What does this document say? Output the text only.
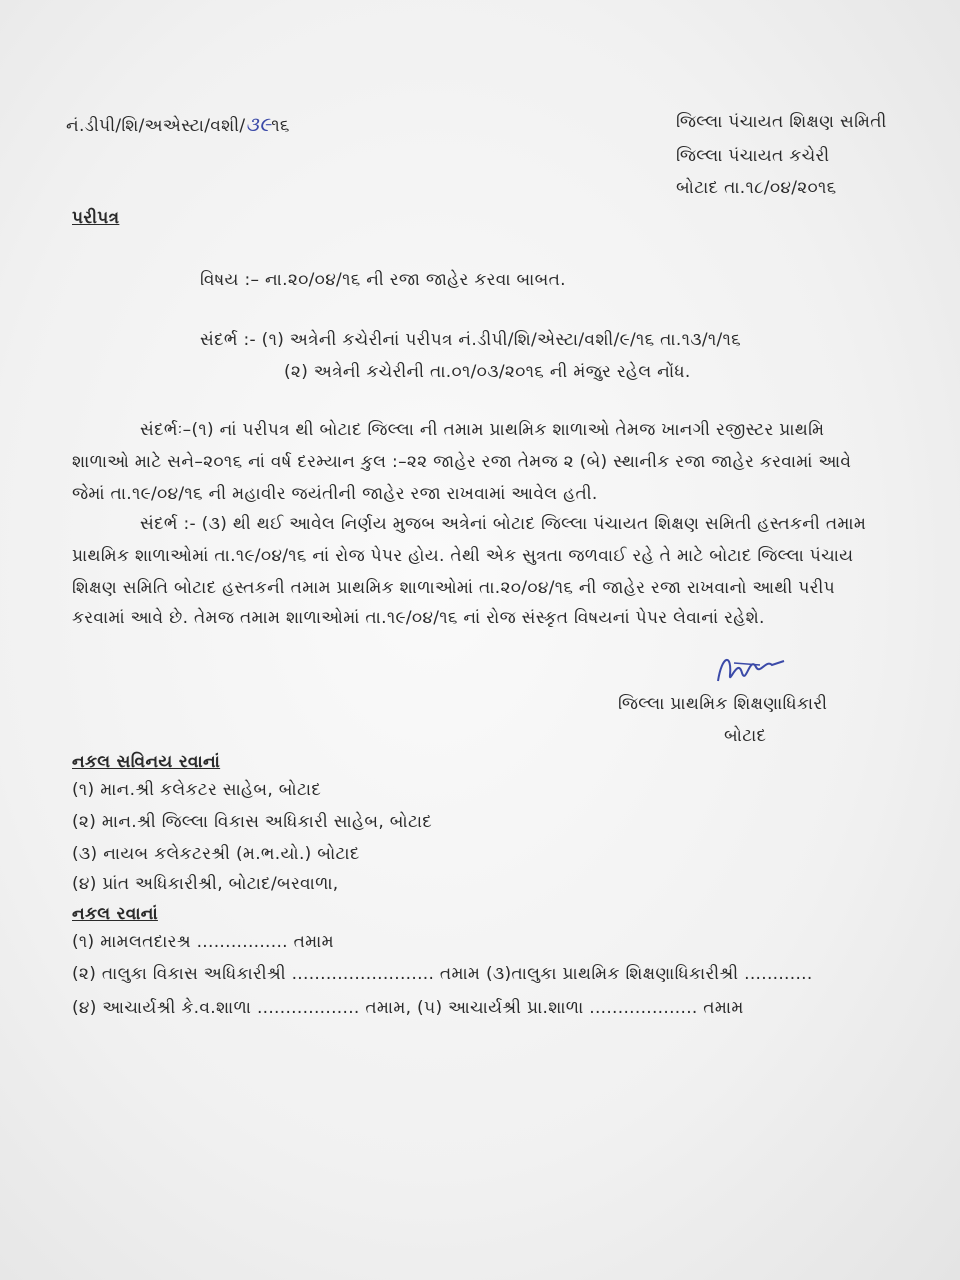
નં.ડીપી/શિ/અએસ્ટા/વશી/૩૯૧૬	જિલ્લા પંચાયત શિક્ષણ સમિતી
જિલ્લા પંચાયત કચેરી
બોટાદ તા.૧૮/૦૪/૨૦૧૬
પરીપત્ર
વિષય :– ના.૨૦/૦૪/૧૬ ની રજા જાહેર કરવા બાબત.
સંદર્ભ :- (૧) અત્રેની કચેરીનાં પરીપત્ર નં.ડીપી/શિ/એસ્ટા/વશી/૯/૧૬ તા.૧૩/૧/૧૬
(૨) અત્રેની કચેરીની તા.૦૧/૦૩/૨૦૧૬ ની મંજુર રહેલ નોંધ.
સંદર્ભઃ–(૧) નાં પરીપત્ર થી બોટાદ જિલ્લા ની તમામ પ્રાથમિક શાળાઓ તેમજ ખાનગી રજીસ્ટર પ્રાથમિ
શાળાઓ માટે સને–૨૦૧૬ નાં વર્ષ દરમ્યાન કુલ :–૨૨ જાહેર રજા તેમજ ૨ (બે) સ્થાનીક રજા જાહેર કરવામાં આવે
જેમાં તા.૧૯/૦૪/૧૬ ની મહાવીર જયંતીની જાહેર રજા રાખવામાં આવેલ હતી.
સંદર્ભ :- (૩) થી થઈ આવેલ નિર્ણય મુજબ અત્રેનાં બોટાદ જિલ્લા પંચાયત શિક્ષણ સમિતી હસ્તકની તમામ
પ્રાથમિક શાળાઓમાં તા.૧૯/૦૪/૧૬ નાં રોજ પેપર હોય. તેથી એક સુત્રતા જળવાઈ રહે તે માટે બોટાદ જિલ્લા પંચાય
શિક્ષણ સમિતિ બોટાદ હસ્તકની તમામ પ્રાથમિક શાળાઓમાં તા.૨૦/૦૪/૧૬ ની જાહેર રજા રાખવાનો આથી પરીપ
કરવામાં આવે છે. તેમજ તમામ શાળાઓમાં તા.૧૯/૦૪/૧૬ નાં રોજ સંસ્કૃત વિષયનાં પેપર લેવાનાં રહેશે.
જિલ્લા પ્રાથમિક શિક્ષણાધિકારી
બોટાદ
નકલ સવિનય રવાનાં
(૧) માન.શ્રી કલેકટર સાહેબ, બોટાદ
(૨) માન.શ્રી જિલ્લા વિકાસ અધિકારી સાહેબ, બોટાદ
(૩) નાયબ કલેકટરશ્રી (મ.ભ.યો.) બોટાદ
(૪) પ્રાંત અધિકારીશ્રી, બોટાદ/બરવાળા,
નકલ રવાનાં
(૧) મામલતદારશ્ર ................ તમામ
(૨) તાલુકા વિકાસ અધિકારીશ્રી ......................... તમામ (૩)તાલુકા પ્રાથમિક શિક્ષણાધિકારીશ્રી ............
(૪) આચાર્યશ્રી કે.વ.શાળા .................. તમામ, (૫) આચાર્યશ્રી પ્રા.શાળા ................... તમામ
